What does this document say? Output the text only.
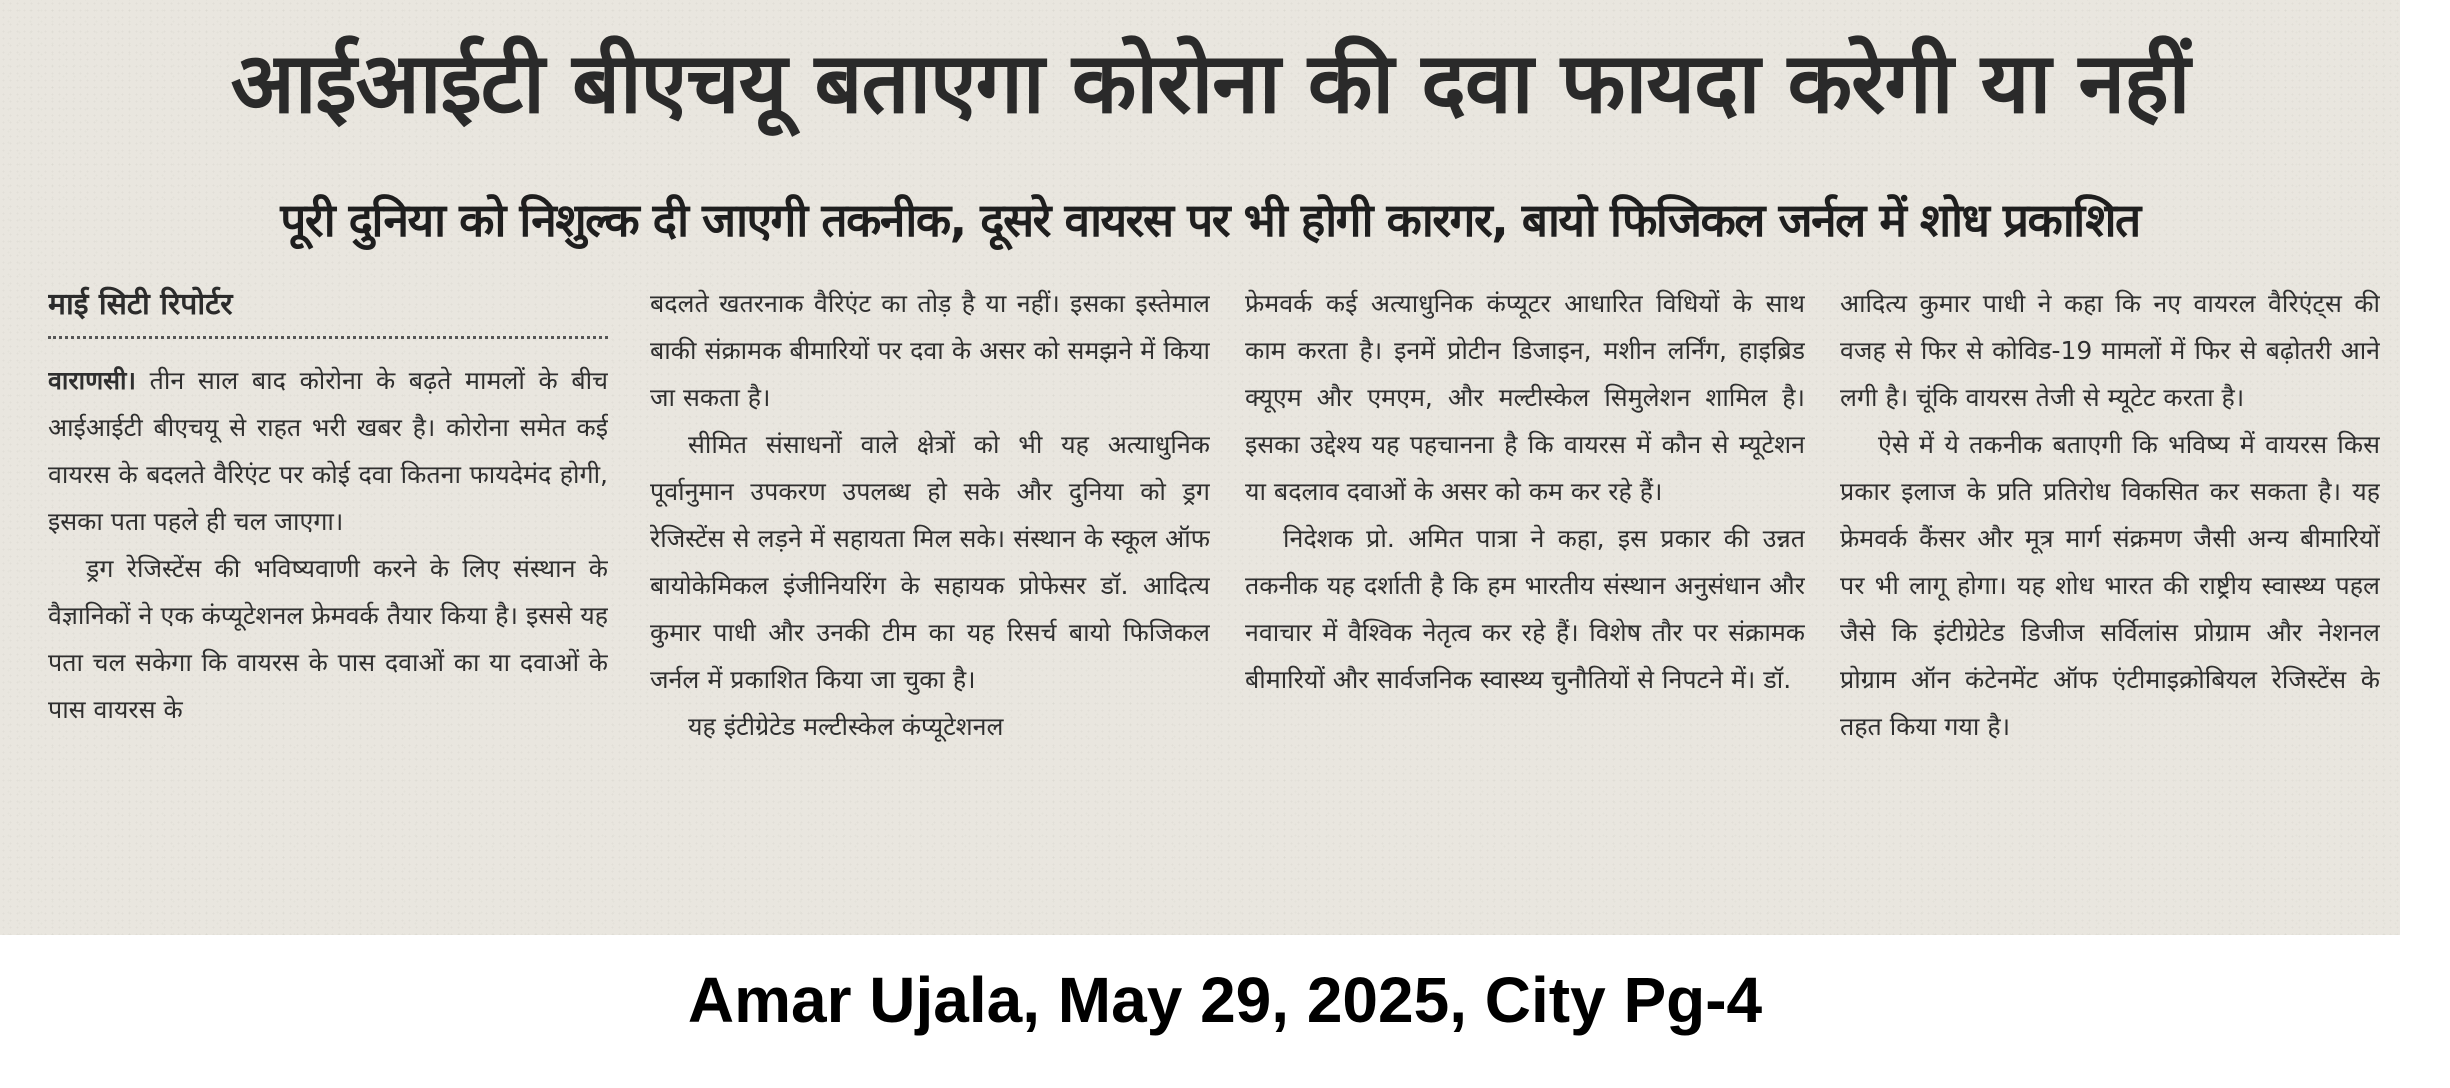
आईआईटी बीएचयू बताएगा कोरोना की दवा फायदा करेगी या नहीं
पूरी दुनिया को निशुल्क दी जाएगी तकनीक, दूसरे वायरस पर भी होगी कारगर, बायो फिजिकल जर्नल में शोध प्रकाशित
माई सिटी रिपोर्टर

वाराणसी। तीन साल बाद कोरोना के बढ़ते मामलों के बीच आईआईटी बीएचयू से राहत भरी खबर है। कोरोना समेत कई वायरस के बदलते वैरिएंट पर कोई दवा कितना फायदेमंद होगी, इसका पता पहले ही चल जाएगा।

ड्रग रेजिस्टेंस की भविष्यवाणी करने के लिए संस्थान के वैज्ञानिकों ने एक कंप्यूटेशनल फ्रेमवर्क तैयार किया है। इससे यह पता चल सकेगा कि वायरस के पास दवाओं का या दवाओं के पास वायरस के

बदलते खतरनाक वैरिएंट का तोड़ है या नहीं। इसका इस्तेमाल बाकी संक्रामक बीमारियों पर दवा के असर को समझने में किया जा सकता है।

सीमित संसाधनों वाले क्षेत्रों को भी यह अत्याधुनिक पूर्वानुमान उपकरण उपलब्ध हो सके और दुनिया को ड्रग रेजिस्टेंस से लड़ने में सहायता मिल सके। संस्थान के स्कूल ऑफ बायोकेमिकल इंजीनियरिंग के सहायक प्रोफेसर डॉ. आदित्य कुमार पाधी और उनकी टीम का यह रिसर्च बायो फिजिकल जर्नल में प्रकाशित किया जा चुका है।

यह इंटीग्रेटेड मल्टीस्केल कंप्यूटेशनल

फ्रेमवर्क कई अत्याधुनिक कंप्यूटर आधारित विधियों के साथ काम करता है। इनमें प्रोटीन डिजाइन, मशीन लर्निंग, हाइब्रिड क्यूएम और एमएम, और मल्टीस्केल सिमुलेशन शामिल है। इसका उद्देश्य यह पहचानना है कि वायरस में कौन से म्यूटेशन या बदलाव दवाओं के असर को कम कर रहे हैं।

निदेशक प्रो. अमित पात्रा ने कहा, इस प्रकार की उन्नत तकनीक यह दर्शाती है कि हम भारतीय संस्थान अनुसंधान और नवाचार में वैश्विक नेतृत्व कर रहे हैं। विशेष तौर पर संक्रामक बीमारियों और सार्वजनिक स्वास्थ्य चुनौतियों से निपटने में। डॉ.

आदित्य कुमार पाधी ने कहा कि नए वायरल वैरिएंट्स की वजह से फिर से कोविड-19 मामलों में फिर से बढ़ोतरी आने लगी है। चूंकि वायरस तेजी से म्यूटेट करता है।

ऐसे में ये तकनीक बताएगी कि भविष्य में वायरस किस प्रकार इलाज के प्रति प्रतिरोध विकसित कर सकता है। यह फ्रेमवर्क कैंसर और मूत्र मार्ग संक्रमण जैसी अन्य बीमारियों पर भी लागू होगा। यह शोध भारत की राष्ट्रीय स्वास्थ्य पहल जैसे कि इंटीग्रेटेड डिजीज सर्विलांस प्रोग्राम और नेशनल प्रोग्राम ऑन कंटेनमेंट ऑफ एंटीमाइक्रोबियल रेजिस्टेंस के तहत किया गया है।

Amar Ujala, May 29, 2025, City Pg-4
